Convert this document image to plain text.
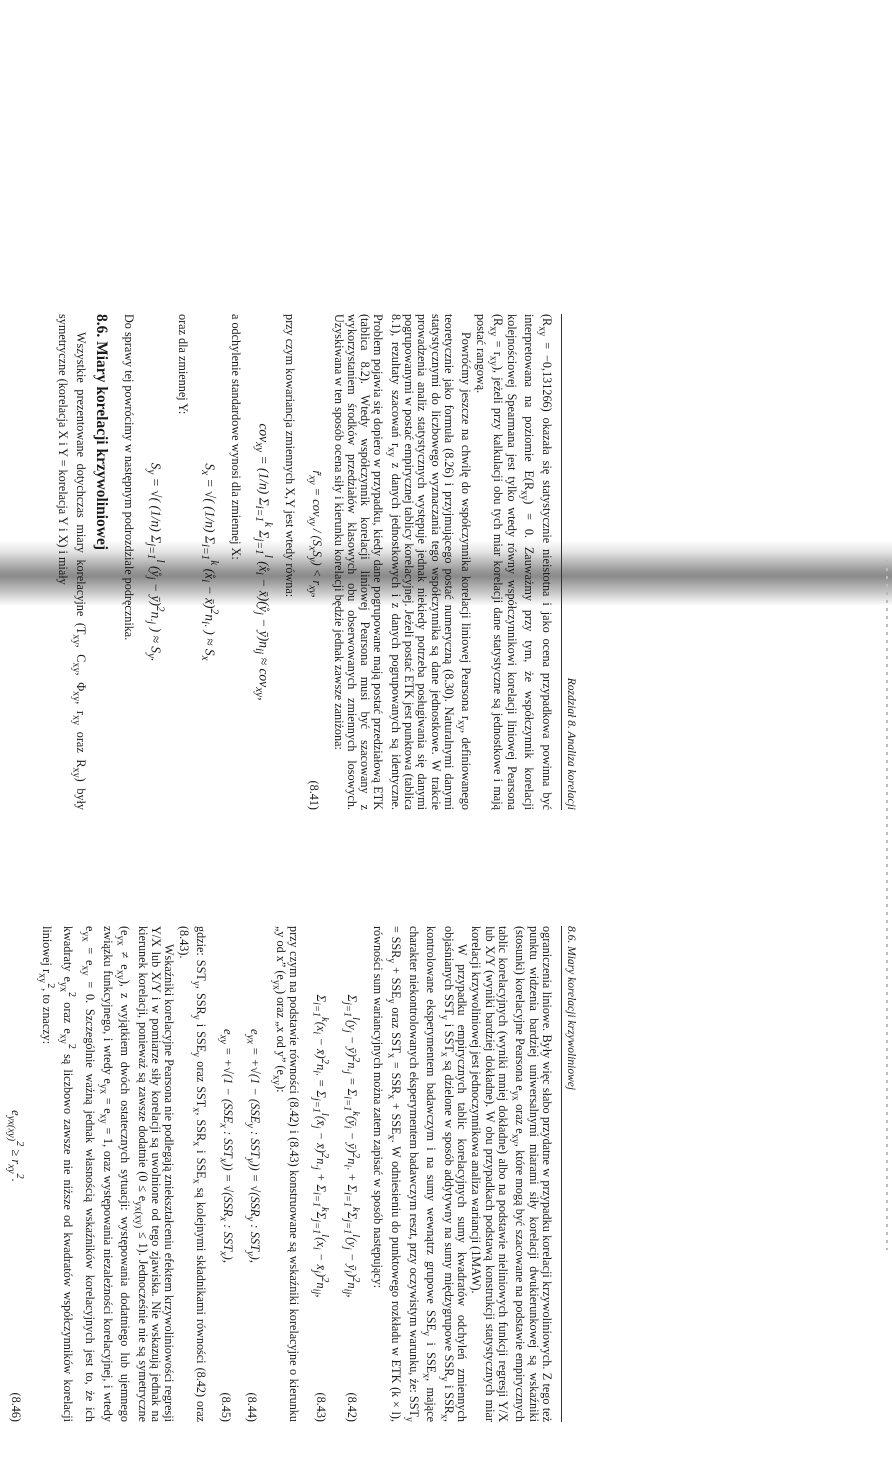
Rozdział 8. Analiza korelacji

$(R_{xy} = -0,131266)$ okazała się statystycznie nieistotna i jako ocena przypadkowa powinna być interpretowana na poziomie $E(R_{xy}) = 0$. Zauważmy przy tym, że współczynnik korelacji kolejnościowej Spearmana jest tylko wtedy równy współczynnikowi korelacji liniowej Pearsona $(R_{xy} = r_{xy})$, jeżeli przy kalkulacji obu tych miar korelacji dane statystyczne są jednostkowe i mają postać rangową.

Powróćmy jeszcze na chwilę do współczynnika korelacji liniowej Pearsona $r_{xy}$, definiowanego teoretycznie jako formuła (8.26) i przyjmującego postać numeryczną (8.30). Naturalnymi danymi statystycznymi do liczbowego wyznaczania tego współczynnika są dane jednostkowe. W trakcie prowadzenia analiz statystycznych występuje jednak niekiedy potrzeba posługiwania się danymi pogrupowanymi w postać empirycznej tablicy korelacyjnej. Jeżeli postać ETK jest punktowa (tablica 8.1), rezultaty szacowań $r_{xy}$ z danych jednostkowych i z danych pogrupowanych są identyczne. Problem pojawia się dopiero w przypadku, kiedy dane pogrupowane mają postać przedziałową ETK (tablica 8.2). Wtedy współczynnik korelacji liniowej Pearsona musi być szacowany z wykorzystaniem środków przedziałów klasowych obu obserwowanych zmiennych losowych. Uzyskiwana w ten sposób ocena siły i kierunku korelacji będzie jednak zawsze zaniżona:

$r̃_{xy} = cov_{xy} / (S_xS_y) < r_{xy}$,
(8.41)

przy czym kowariancja zmiennych X,Y jest wtedy równa:

cov$_{xy}$ = (1/n) $\Sigma_{i=1}^k$ $\Sigma_{j=1}^l$ ($x̊_i$ − x̄)(ẙ$_j$ − $ȳ)n_{ij} \approx cov_{xy}$,

a odchylenie standardowe wynosi dla zmiennej X:

$S_x$ = √( (1/n) $\Sigma_{i=1}^k$ ($x̊_i$ − $x̄)^2n_{i\cdot}$ ) ≈ $S_x$

oraz dla zmiennej Y:

$S_y$ = √( (1/n) $\Sigma_{j=1}^l$ (ẙ$_j$ − $ȳ)^2n_{\cdot j}$ ) ≈ $S_y$.

Do sprawy tej powrócimy w następnym podrozdziale podręcznika.

8.6. Miary korelacji krzywoliniowej

Wszystkie prezentowane dotychczas miary korelacyjne ($T_{xy}$, $C_{xy}$, $\Phi_{xy}$, $r_{xy}$ oraz $R_{xy}$) były symetryczne (korelacja X i Y = korelacja Y i X) i miały

8.6. Miary korelacji krzywoliniowej

ograniczenia liniowe. Były więc słabo przydatne w przypadku korelacji krzywoliniowych. Z tego też punktu widzenia bardziej uniwersalnymi miarami siły korelacji dwukierunkowej są wskaźniki (stosunki) korelacyjne Pearsona $e_{yx}$ oraz $e_{xy}$, które mogą być szacowane na podstawie empirycznych tablic korelacyjnych (wyniki mniej dokładne) albo na podstawie nieliniowych funkcji regresji Y/X lub X/Y (wyniki bardziej dokładne). W obu przypadkach podstawą konstrukcji statystycznych miar korelacji krzywoliniowej jest jednoczynnikowa analiza wariancji (1MAW).

W przypadku empirycznych tablic korelacyjnych sumy kwadratów odchyleń zmiennych objaśnianych $SST_y$ i $SST_x$ są dzielone w sposób addytywny na sumy międzygrupowe $SSR_y$ i $SSR_x$, kontrolowane eksperymentem badawczym i na sumy wewnątrz grupowe $SSE_y$ i $SSE_x$, mające charakter niekontrolowanych eksperymentem badawczym reszt, przy oczywistym warunku, że: $SST_y = SSR_y + SSE_y$ oraz $SST_x = SSR_x + SSE_x$. W odniesieniu do punktowego rozkładu w ETK (k × l), równości sum wariancyjnych można zatem zapisać w sposób następujący:

$\Sigma_{j=1}^l(y_j$ − $ȳ)^2n_{\cdot j}$ = $\Sigma_{i=1}^k(ȳ_i$ − $ȳ)^2n_{i\cdot} + \Sigma_{i=1}^k\Sigma_{j=1}^l(y_j$ − $ȳ_i)^2n_{ij}$,
(8.42)
$\Sigma_{i=1}^k(x_i$ − $x̄)^2n_{i\cdot}$ = $\Sigma_{j=1}^l(x̄_j$ − $x̄)^2n_{\cdot j} + \Sigma_{i=1}^k\Sigma_{j=1}^l(x_i$ − $x̄_j)^2n_{ij}$,
(8.43)

przy czym na podstawie równości (8.42) i (8.43) konstruowane są wskaźniki korelacyjne o kierunku „y od x” $(e_{yx})$ oraz „x od y” $(e_{xy})$:

$e_{yx} = +√(1 - (SSE_y$ : $SST_y)) = √(SSR_y$ : $SST_y$),
(8.44)
$e_{xy} = +√(1 - (SSE_x$ : $SST_x)) = √(SSR_x$ : $SST_x$),
(8.45)

gdzie: $SST_y$, $SSR_y$ i $SSE_y$ oraz $SST_x$, $SSR_x$ i $SSE_x$ są kolejnymi składnikami równości (8.42) oraz (8.43).

Wskaźniki korelacyjne Pearsona nie podlegają zniekształceniu efektem krzywoliniowości regresji Y/X lub X/Y i w pomiarze siły korelacji są uwolnione od tego zjawiska. Nie wskazują jednak na kierunek korelacji, ponieważ są zawsze dodatnie $(0 \le e_{yx(xy)} \le 1)$. Jednocześnie nie są symetryczne $(e_{yx} \ne e_{xy})$, z wyjątkiem dwóch ostatecznych sytuacji: występowania dodatniego lub ujemnego związku funkcyjnego, i wtedy $e_{yx} = e_{xy} = 1$, oraz występowania niezależności korelacyjnej, i wtedy $e_{yx} = e_{xy} = 0$. Szczególnie ważną jednak własnością wskaźników korelacyjnych jest to, że ich kwadraty $e_{yx}^2$ oraz $e_{xy}^2$ są liczbowo zawsze nie niższe od kwadratów współczynników korelacji liniowej $r_{xy}^2$, to znaczy:

$e_{yx(xy)}^2 \ge r_{xy}^2$.
(8.46)
